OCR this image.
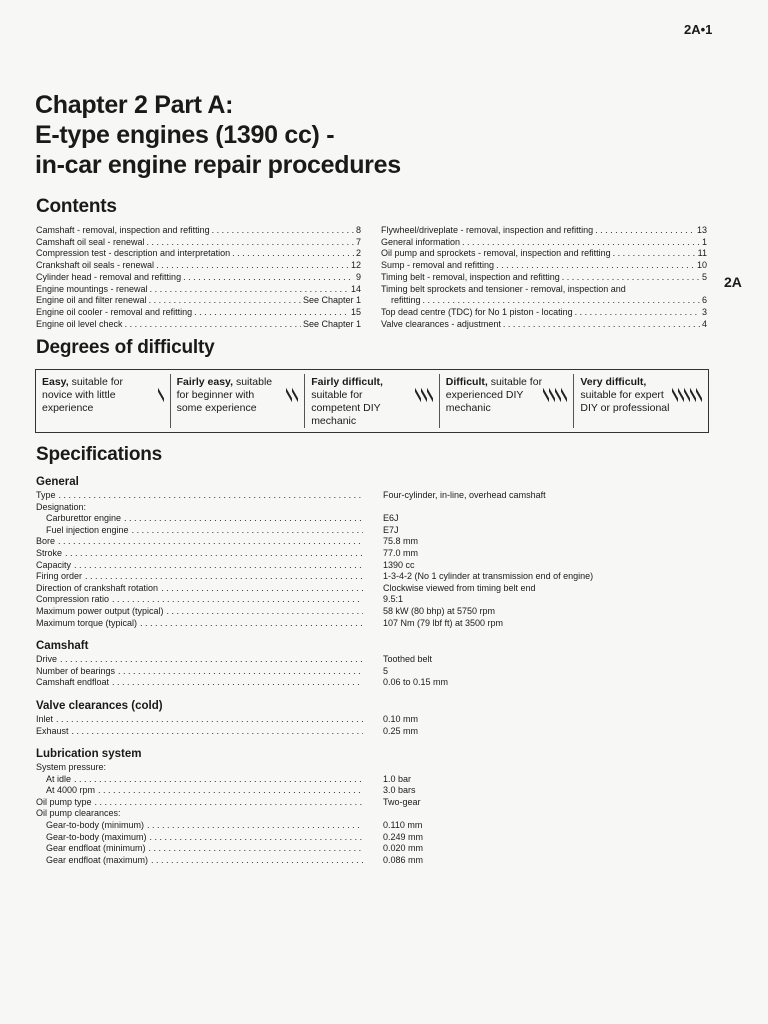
2A•1
2A
Chapter 2 Part A:
E-type engines (1390 cc) -
in-car engine repair procedures
Contents
Camshaft - removal, inspection and refitting . . .	8
Camshaft oil seal - renewal . . .	7
Compression test - description and interpretation . . .	2
Crankshaft oil seals - renewal . . .	12
Cylinder head - removal and refitting . . .	9
Engine mountings - renewal . . .	14
Engine oil and filter renewal . . .	See Chapter 1
Engine oil cooler - removal and refitting . . .	15
Engine oil level check . . .	See Chapter 1
Flywheel/driveplate - removal, inspection and refitting . . .	13
General information . . .	1
Oil pump and sprockets - removal, inspection and refitting . . .	11
Sump - removal and refitting . . .	10
Timing belt - removal, inspection and refitting . . .	5
Timing belt sprockets and tensioner - removal, inspection and
refitting . . .	6
Top dead centre (TDC) for No 1 piston - locating . . .	3
Valve clearances - adjustment . . .	4
Degrees of difficulty
Easy, suitable for novice with little experience
Fairly easy, suitable for beginner with some experience
Fairly difficult, suitable for competent DIY mechanic
Difficult, suitable for experienced DIY mechanic
Very difficult, suitable for expert DIY or professional
Specifications
General
Type . . .	Four-cylinder, in-line, overhead camshaft
Designation:
Carburettor engine . . .	E6J
Fuel injection engine . . .	E7J
Bore . . .	75.8 mm
Stroke . . .	77.0 mm
Capacity . . .	1390 cc
Firing order . . .	1-3-4-2 (No 1 cylinder at transmission end of engine)
Direction of crankshaft rotation . . .	Clockwise viewed from timing belt end
Compression ratio . . .	9.5:1
Maximum power output (typical) . . .	58 kW (80 bhp) at 5750 rpm
Maximum torque (typical) . . .	107 Nm (79 lbf ft) at 3500 rpm
Camshaft
Drive . . .	Toothed belt
Number of bearings . . .	5
Camshaft endfloat . . .	0.06 to 0.15 mm
Valve clearances (cold)
Inlet . . .	0.10 mm
Exhaust . . .	0.25 mm
Lubrication system
System pressure:
At idle . . .	1.0 bar
At 4000 rpm . . .	3.0 bars
Oil pump type . . .	Two-gear
Oil pump clearances:
Gear-to-body (minimum) . . .	0.110 mm
Gear-to-body (maximum) . . .	0.249 mm
Gear endfloat (minimum) . . .	0.020 mm
Gear endfloat (maximum) . . .	0.086 mm
